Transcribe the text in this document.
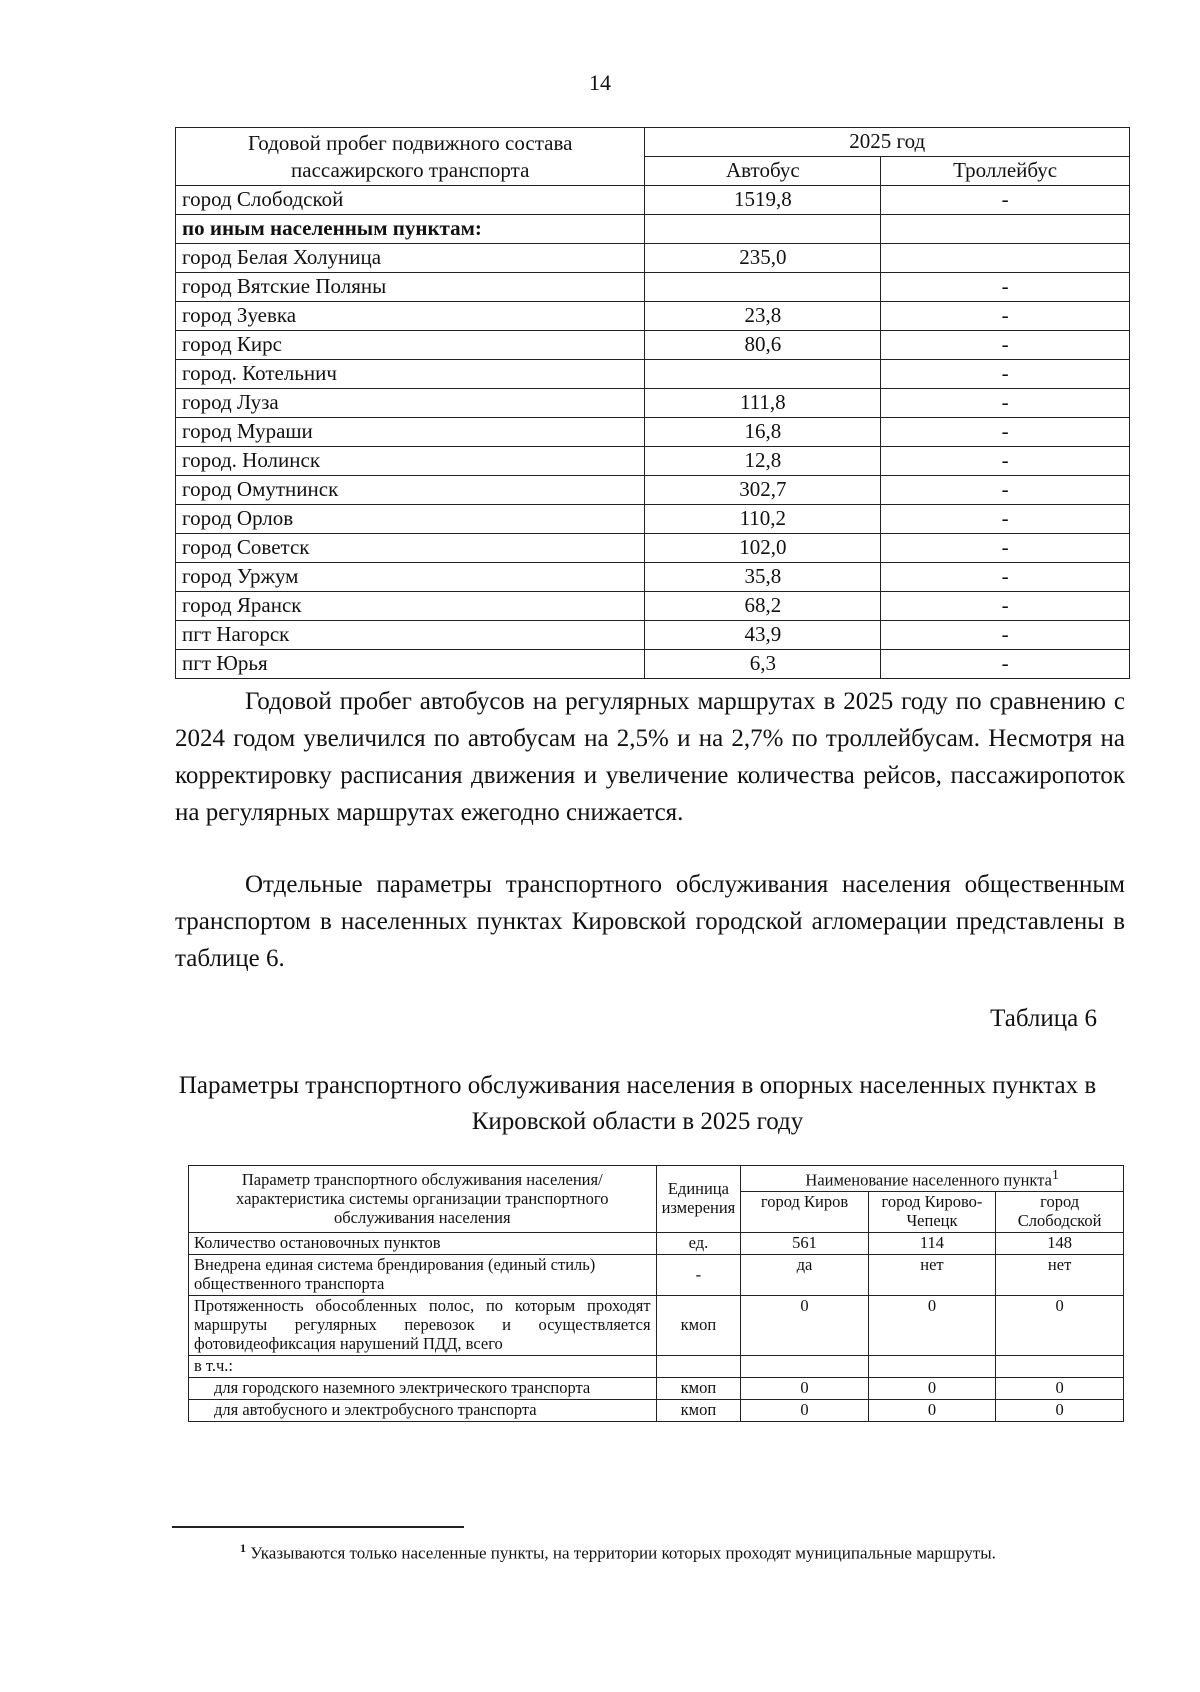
14
Годовой пробег подвижного состава пассажирского транспорта	2025 год	
	Автобус	Троллейбус
город Слободской	1519,8	-
по иным населенным пунктам:		
город Белая Холуница	235,0	
город Вятские Поляны		-
город Зуевка	23,8	-
город Кирс	80,6	-
город. Котельнич		-
город Луза	111,8	-
город Мураши	16,8	-
город. Нолинск	12,8	-
город Омутнинск	302,7	-
город Орлов	110,2	-
город Советск	102,0	-
город Уржум	35,8	-
город Яранск	68,2	-
пгт Нагорск	43,9	-
пгт Юрья	6,3	-
Годовой пробег автобусов на регулярных маршрутах в 2025 году по сравнению с 2024 годом увеличился по автобусам на 2,5% и на 2,7% по троллейбусам. Несмотря на корректировку расписания движения и увеличение количества рейсов, пассажиропоток на регулярных маршрутах ежегодно снижается.
Отдельные параметры транспортного обслуживания населения общественным транспортом в населенных пунктах Кировской городской агломерации представлены в таблице 6.
Таблица 6
Параметры транспортного обслуживания населения в опорных населенных пунктах в Кировской области в 2025 году
Параметр транспортного обслуживания населения/ характеристика системы организации транспортного обслуживания населения	Единица измерения	Наименование населенного пункта$^1$
		город Киров	город Кирово-Чепецк	город Слободской
Количество остановочных пунктов	ед.	561	114	148
Внедрена единая система брендирования (единый стиль) общественного транспорта	-	да	нет	нет
Протяженность обособленных полос, по которым проходят маршруты регулярных перевозок и осуществляется фотовидеофиксация нарушений ПДД, всего	кмоп	0	0	0
в т.ч.:				
для городского наземного электрического транспорта	кмоп	0	0	0
для автобусного и электробусного транспорта	кмоп	0	0	0
$^1$ Указываются только населенные пункты, на территории которых проходят муниципальные маршруты.
